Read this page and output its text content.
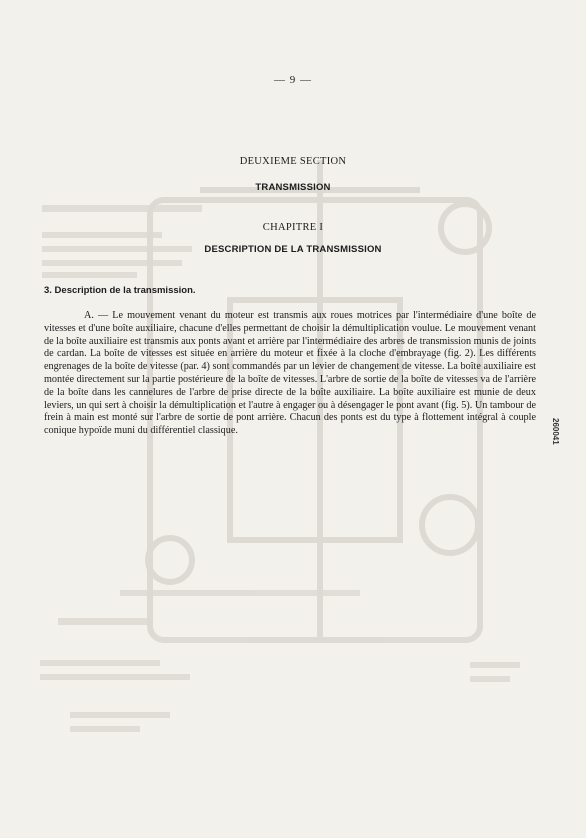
— 9 —
DEUXIEME SECTION
TRANSMISSION
CHAPITRE I
DESCRIPTION DE LA TRANSMISSION
3. Description de la transmission.

A. — Le mouvement venant du moteur est transmis aux roues motrices par l'intermédiaire d'une boîte de vitesses et d'une boîte auxiliaire, chacune d'elles permettant de choisir la démultiplication voulue. Le mouvement venant de la boîte auxiliaire est transmis aux ponts avant et arrière par l'intermédiaire des arbres de transmission munis de joints de cardan. La boîte de vitesses est située en arrière du moteur et fixée à la cloche d'embrayage (fig. 2). Les différents engrenages de la boîte de vitesse (par. 4) sont commandés par un levier de changement de vitesse. La boîte auxiliaire est montée directement sur la partie postérieure de la boîte de vitesses. L'arbre de sortie de la boîte de vitesses va de l'arrière de la boîte dans les cannelures de l'arbre de prise directe de la boîte auxiliaire. La boîte auxiliaire est munie de deux leviers, un qui sert à choisir la démultiplication et l'autre à engager ou à désengager le pont avant (fig. 5). Un tambour de frein à main est monté sur l'arbre de sortie de pont arrière. Chacun des ponts est du type à flottement intégral à couple conique hypoïde muni du différentiel classique.	260041
